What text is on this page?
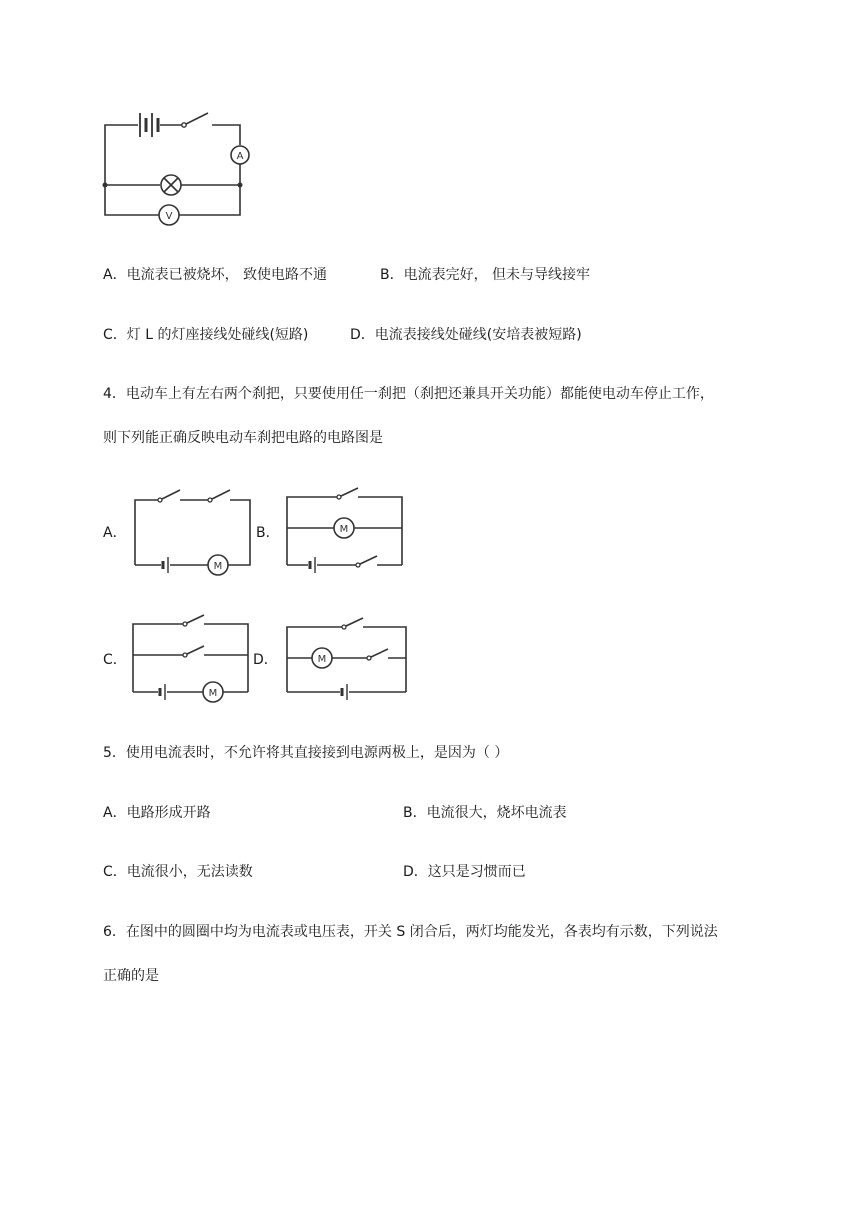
A
V
A．电流表已被烧坏， 致使电路不通	B．电流表完好， 但未与导线接牢
C．灯 L 的灯座接线处碰线(短路)	D．电流表接线处碰线(安培表被短路)
4．电动车上有左右两个刹把，只要使用任一刹把（刹把还兼具开关功能）都能使电动车停止工作，
则下列能正确反映电动车刹把电路的电路图是
A．
M
B．	M
C．
M
D．	M
5．使用电流表时，不允许将其直接接到电源两极上，是因为（ ）
A．电路形成开路	B．电流很大，烧坏电流表
C．电流很小，无法读数	D．这只是习惯而已
6．在图中的圆圈中均为电流表或电压表，开关 S 闭合后，两灯均能发光，各表均有示数，下列说法
正确的是
